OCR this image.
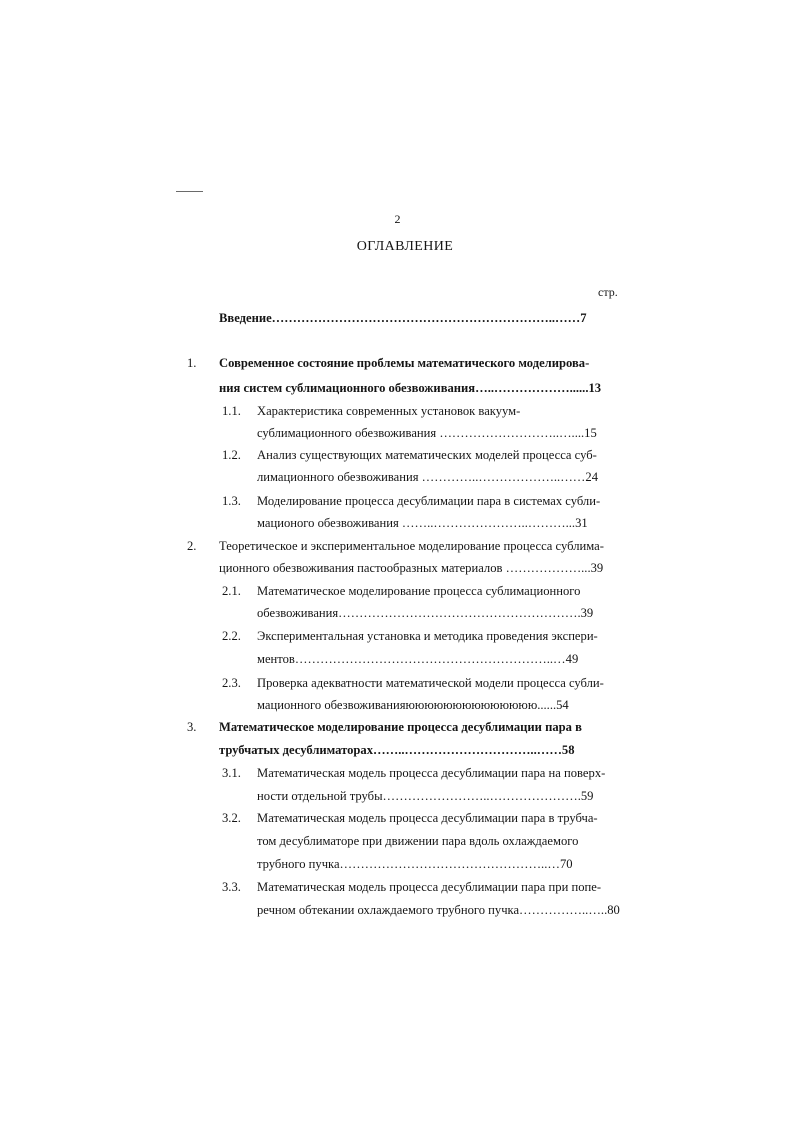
2
ОГЛАВЛЕНИЕ
стр.
Введение…………………………………………………………..……7
1. Современное состояние проблемы математического моделирова-
ния систем сублимационного обезвоживания…..………………......13
1.1. Характеристика современных установок вакуум-
сублимационного обезвоживания ………………………..…....15
1.2. Анализ существующих математических моделей процесса суб-
лимационного обезвоживания …………..………………..……24
1.3. Моделирование процесса десублимации пара в системах субли-
мационого обезвоживания ……..…………………..………...31
2. Теоретическое и экспериментальное моделирование процесса сублима-
ционного обезвоживания пастообразных материалов ………………...39
2.1. Математическое моделирование процесса сублимационного
обезвоживания………………………………………………….39
2.2. Экспериментальная установка и методика проведения экспери-
ментов……………………………………………………..…49
2.3. Проверка адекватности математической модели процесса субли-
мационного обезвоживанияюююююююююююююю......54
3. Математическое моделирование процесса десублимации пара в
трубчатых десублиматорах……..…………………………..……58
3.1. Математическая модель процесса десублимации пара на поверх-
ности отдельной трубы……………………..………………….59
3.2. Математическая модель процесса десублимации пара в трубча-
том десублиматоре при движении пара вдоль охлаждаемого
трубного пучка…………………………………………..…70
3.3. Математическая модель процесса десублимации пара при попе-
речном обтекании охлаждаемого трубного пучка……………..…..80
